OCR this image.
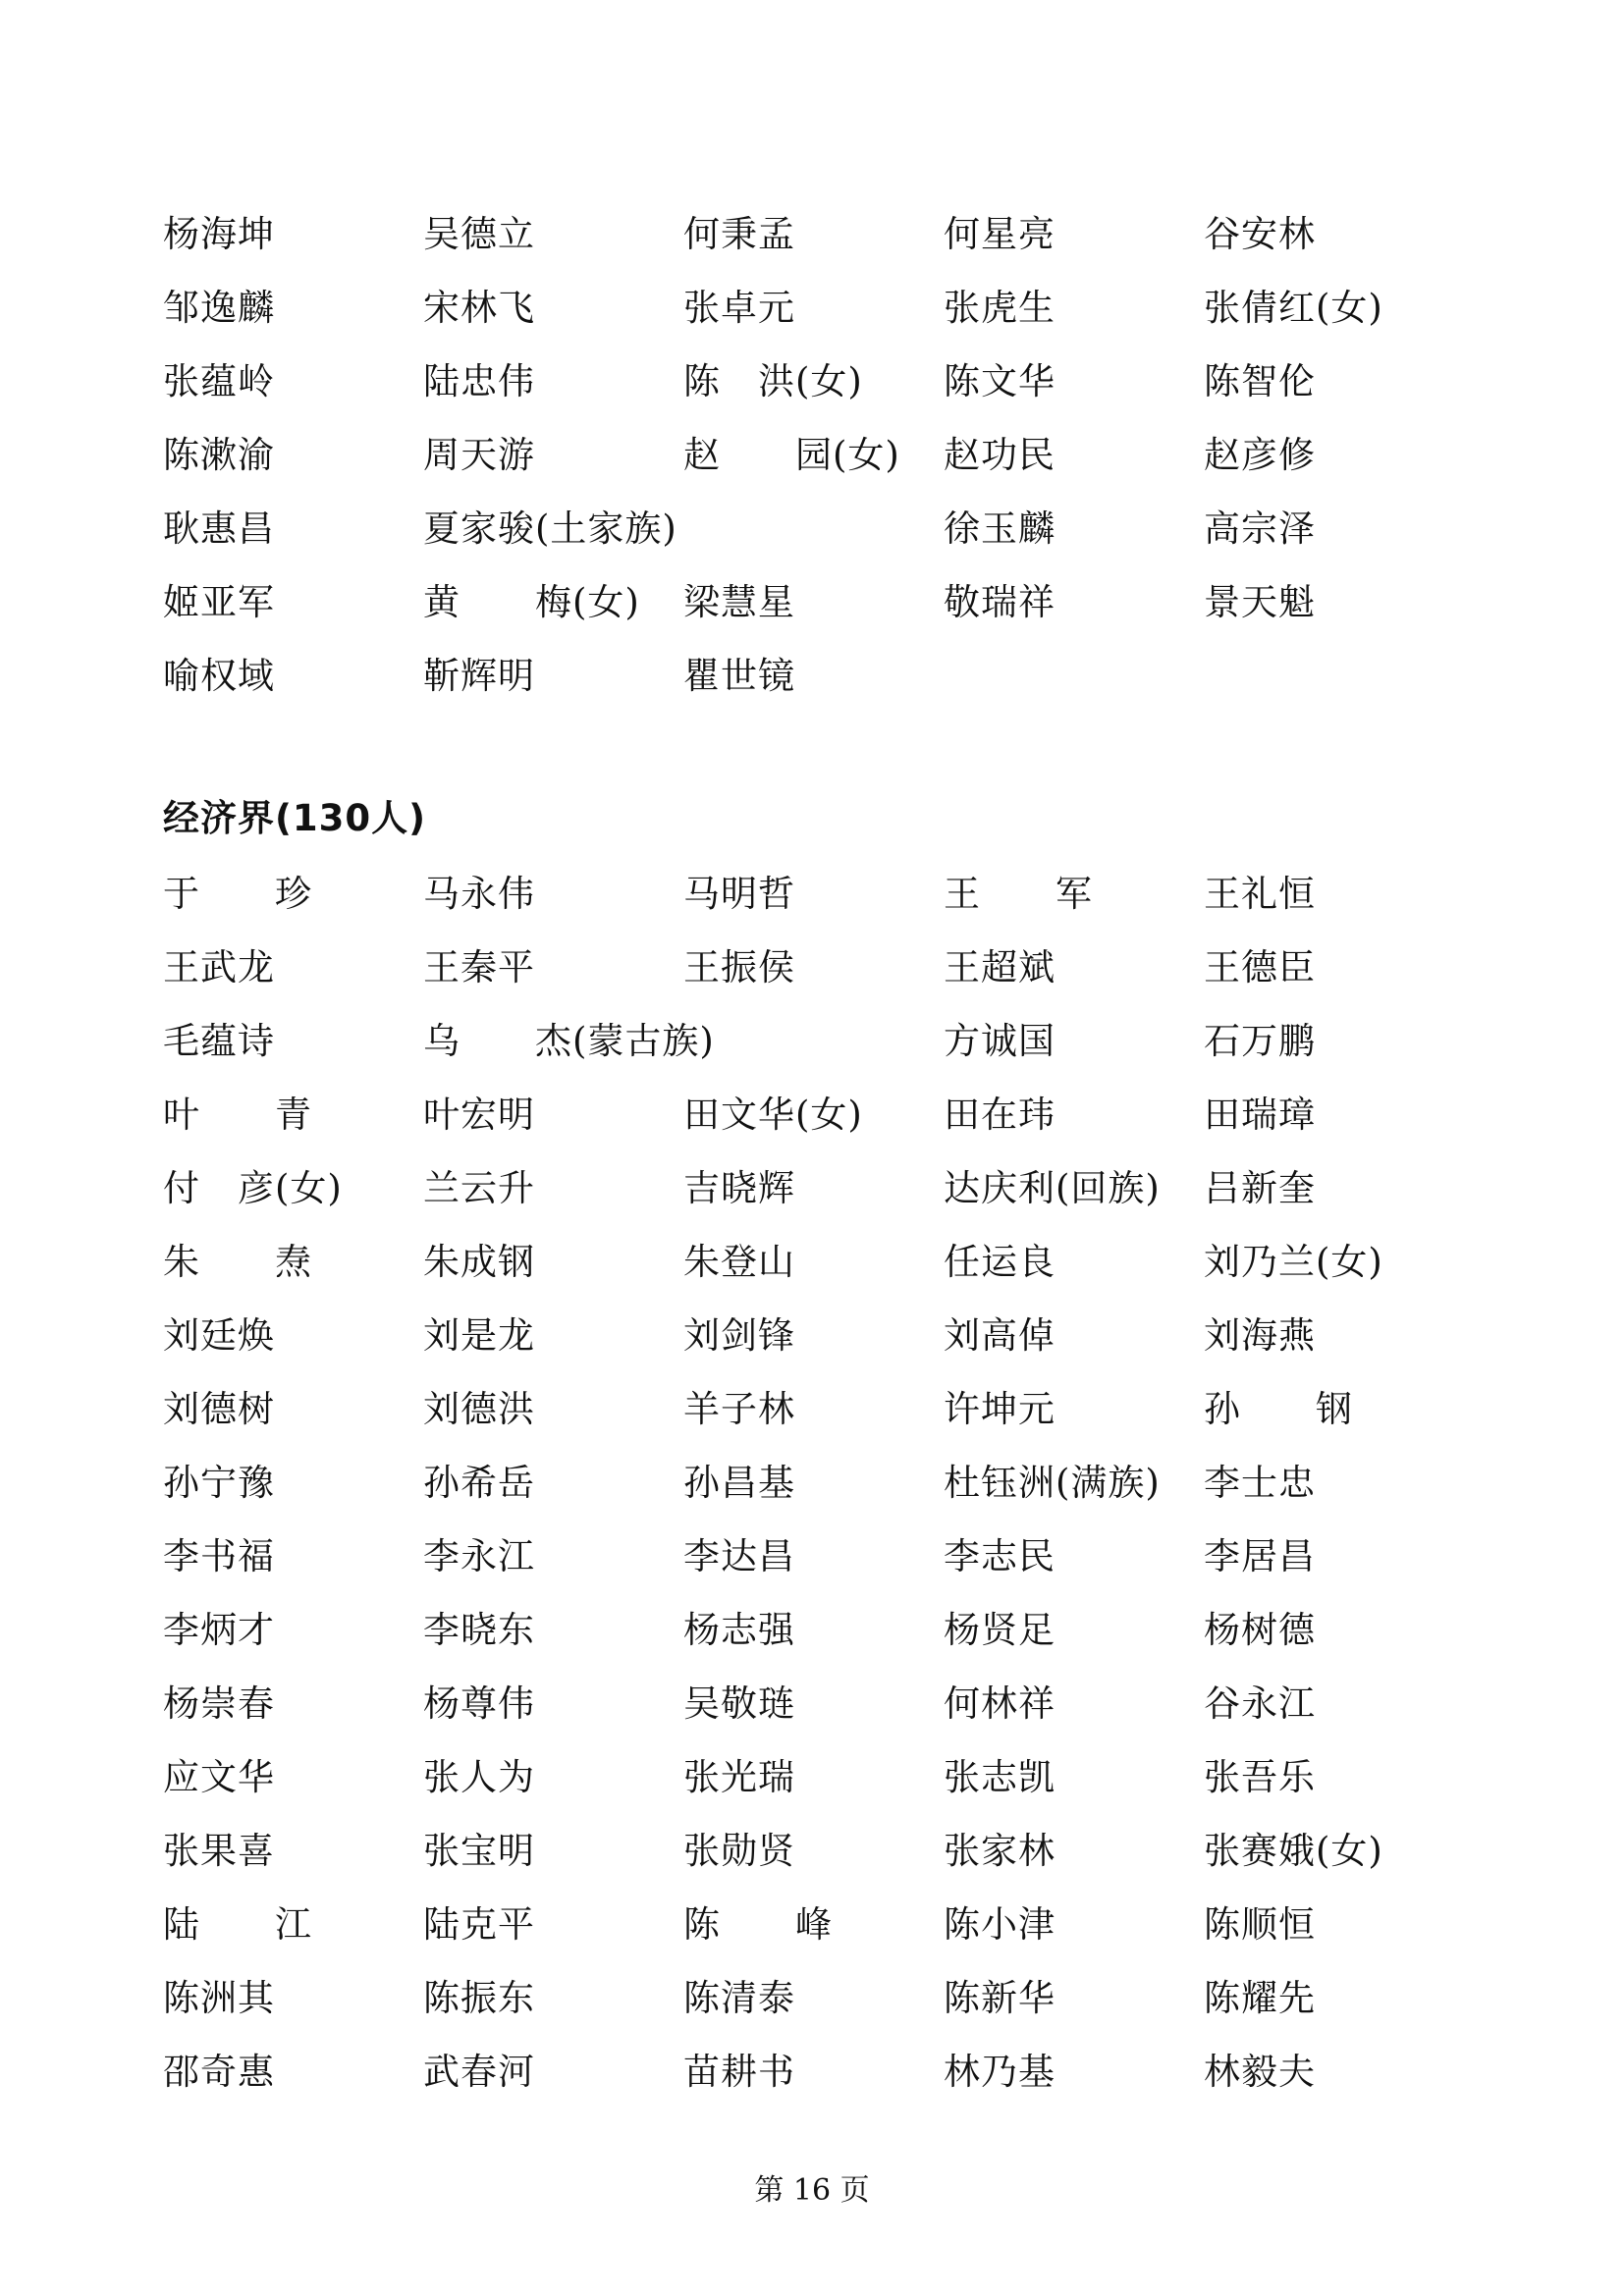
杨海坤	吴德立	何秉孟	何星亮	谷安林
邹逸麟	宋林飞	张卓元	张虎生	张倩红(女)
张蕴岭	陆忠伟	陈　洪(女) 陈文华	陈智伦
陈漱渝	周天游	赵　　园(女) 赵功民	赵彦修
耿惠昌	夏家骏(土家族)	徐玉麟	高宗泽
姬亚军	黄　　梅(女) 梁慧星	敬瑞祥	景天魁
喻权域	靳辉明	瞿世镜
经济界(130人)
于　　珍	马永伟	马明哲	王　　军	王礼恒
王武龙	王秦平	王振侯	王超斌	王德臣
毛蕴诗	乌　　杰(蒙古族)	方诚国	石万鹏
叶　　青	叶宏明	田文华(女) 田在玮	田瑞璋
付　彦(女) 兰云升	吉晓辉	达庆利(回族) 吕新奎
朱　　焘	朱成钢	朱登山	任运良	刘乃兰(女)
刘廷焕	刘是龙	刘剑锋	刘高倬	刘海燕
刘德树	刘德洪	羊子林	许坤元	孙　　钢
孙宁豫	孙希岳	孙昌基	杜钰洲(满族) 李士忠
李书福	李永江	李达昌	李志民	李居昌
李炳才	李晓东	杨志强	杨贤足	杨树德
杨崇春	杨尊伟	吴敬琏	何林祥	谷永江
应文华	张人为	张光瑞	张志凯	张吾乐
张果喜	张宝明	张勋贤	张家林	张赛娥(女)
陆　　江	陆克平	陈　　峰	陈小津	陈顺恒
陈洲其	陈振东	陈清泰	陈新华	陈耀先
邵奇惠	武春河	苗耕书	林乃基	林毅夫
第 16 页
